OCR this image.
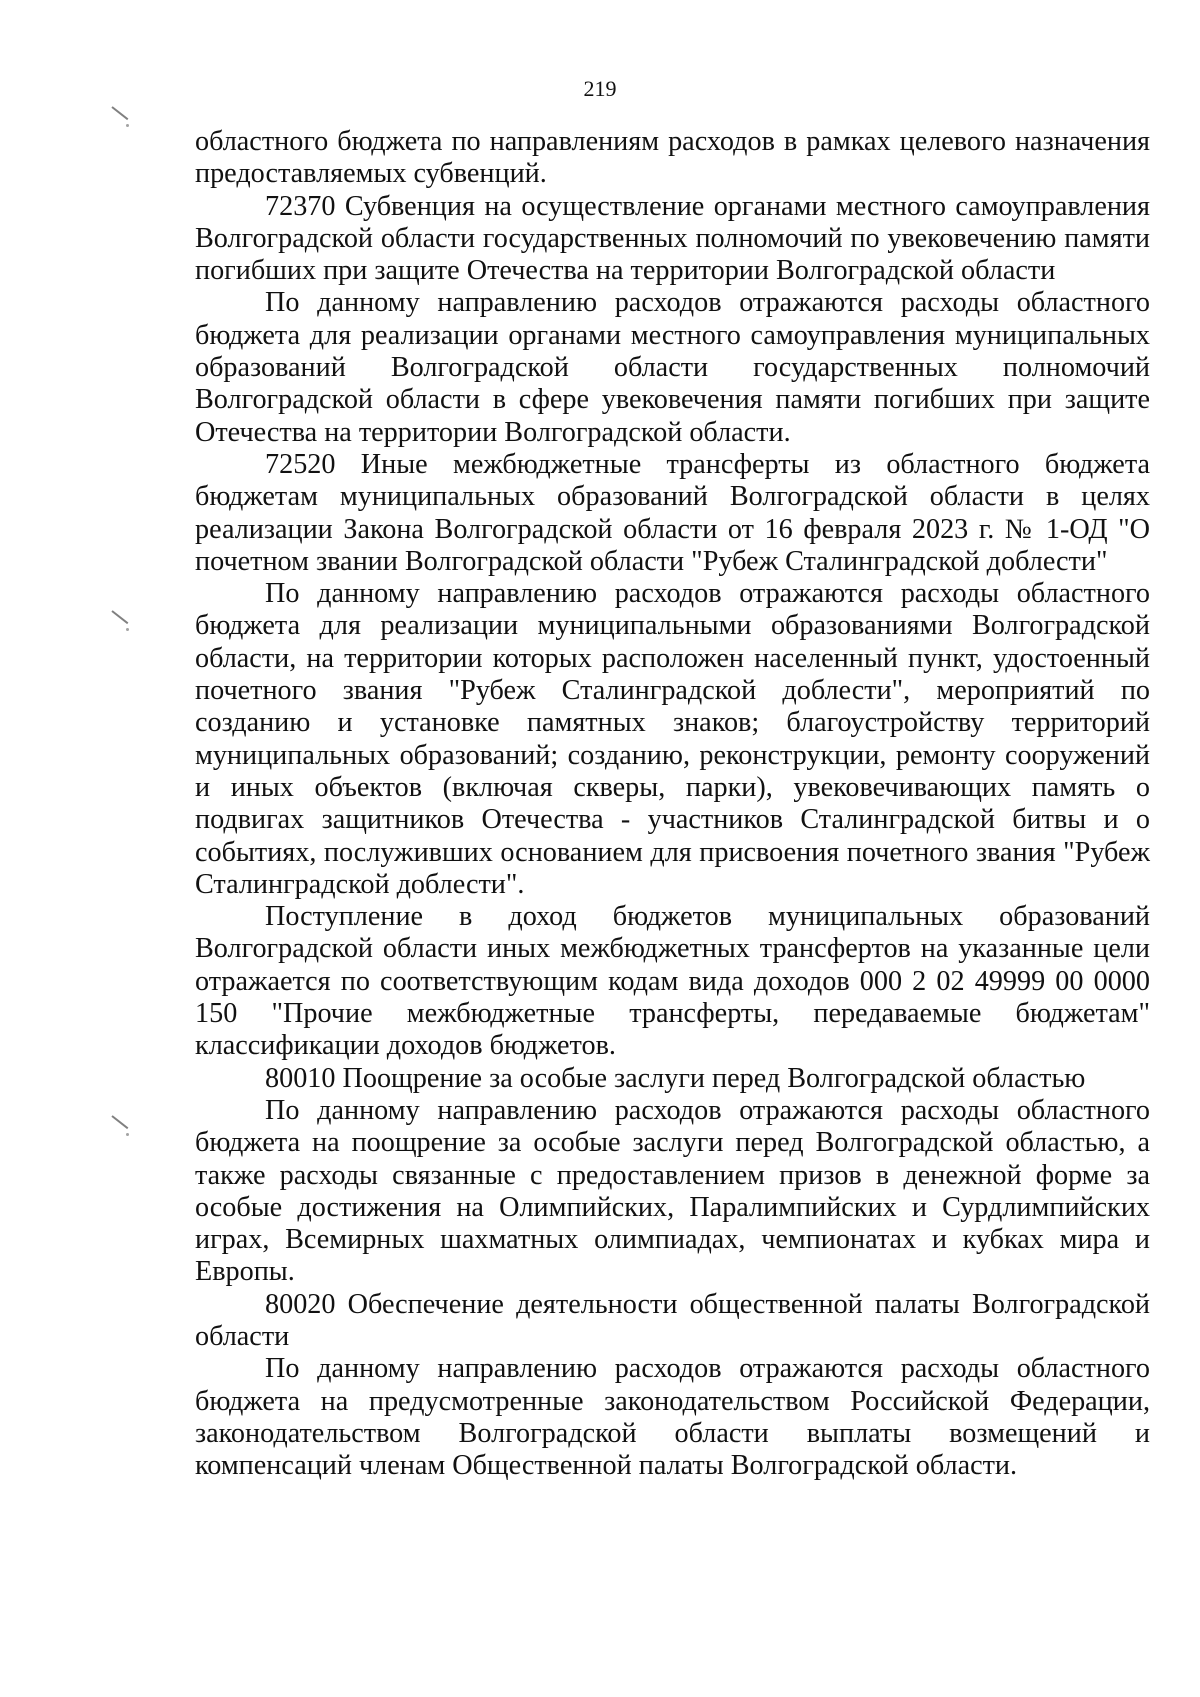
219

областного бюджета по направлениям расходов в рамках целевого назначения предоставляемых субвенций.

72370 Субвенция на осуществление органами местного самоуправления Волгоградской области государственных полномочий по увековечению памяти погибших при защите Отечества на территории Волгоградской области

По данному направлению расходов отражаются расходы областного бюджета для реализации органами местного самоуправления муниципальных образований Волгоградской области государственных полномочий Волгоградской области в сфере увековечения памяти погибших при защите Отечества на территории Волгоградской области.

72520 Иные межбюджетные трансферты из областного бюджета бюджетам муниципальных образований Волгоградской области в целях реализации Закона Волгоградской области от 16 февраля 2023 г. № 1-ОД "О почетном звании Волгоградской области "Рубеж Сталинградской доблести"

По данному направлению расходов отражаются расходы областного бюджета для реализации муниципальными образованиями Волгоградской области, на территории которых расположен населенный пункт, удостоенный почетного звания "Рубеж Сталинградской доблести", мероприятий по созданию и установке памятных знаков; благоустройству территорий муниципальных образований; созданию, реконструкции, ремонту сооружений и иных объектов (включая скверы, парки), увековечивающих память о подвигах защитников Отечества - участников Сталинградской битвы и о событиях, послуживших основанием для присвоения почетного звания "Рубеж Сталинградской доблести".

Поступление в доход бюджетов муниципальных образований Волгоградской области иных межбюджетных трансфертов на указанные цели отражается по соответствующим кодам вида доходов 000 2 02 49999 00 0000 150 "Прочие межбюджетные трансферты, передаваемые бюджетам" классификации доходов бюджетов.

80010 Поощрение за особые заслуги перед Волгоградской областью

По данному направлению расходов отражаются расходы областного бюджета на поощрение за особые заслуги перед Волгоградской областью, а также расходы связанные с предоставлением призов в денежной форме за особые достижения на Олимпийских, Паралимпийских и Сурдлимпийских играх, Всемирных шахматных олимпиадах, чемпионатах и кубках мира и Европы.

80020 Обеспечение деятельности общественной палаты Волгоградской области

По данному направлению расходов отражаются расходы областного бюджета на предусмотренные законодательством Российской Федерации, законодательством Волгоградской области выплаты возмещений и компенсаций членам Общественной палаты Волгоградской области.
